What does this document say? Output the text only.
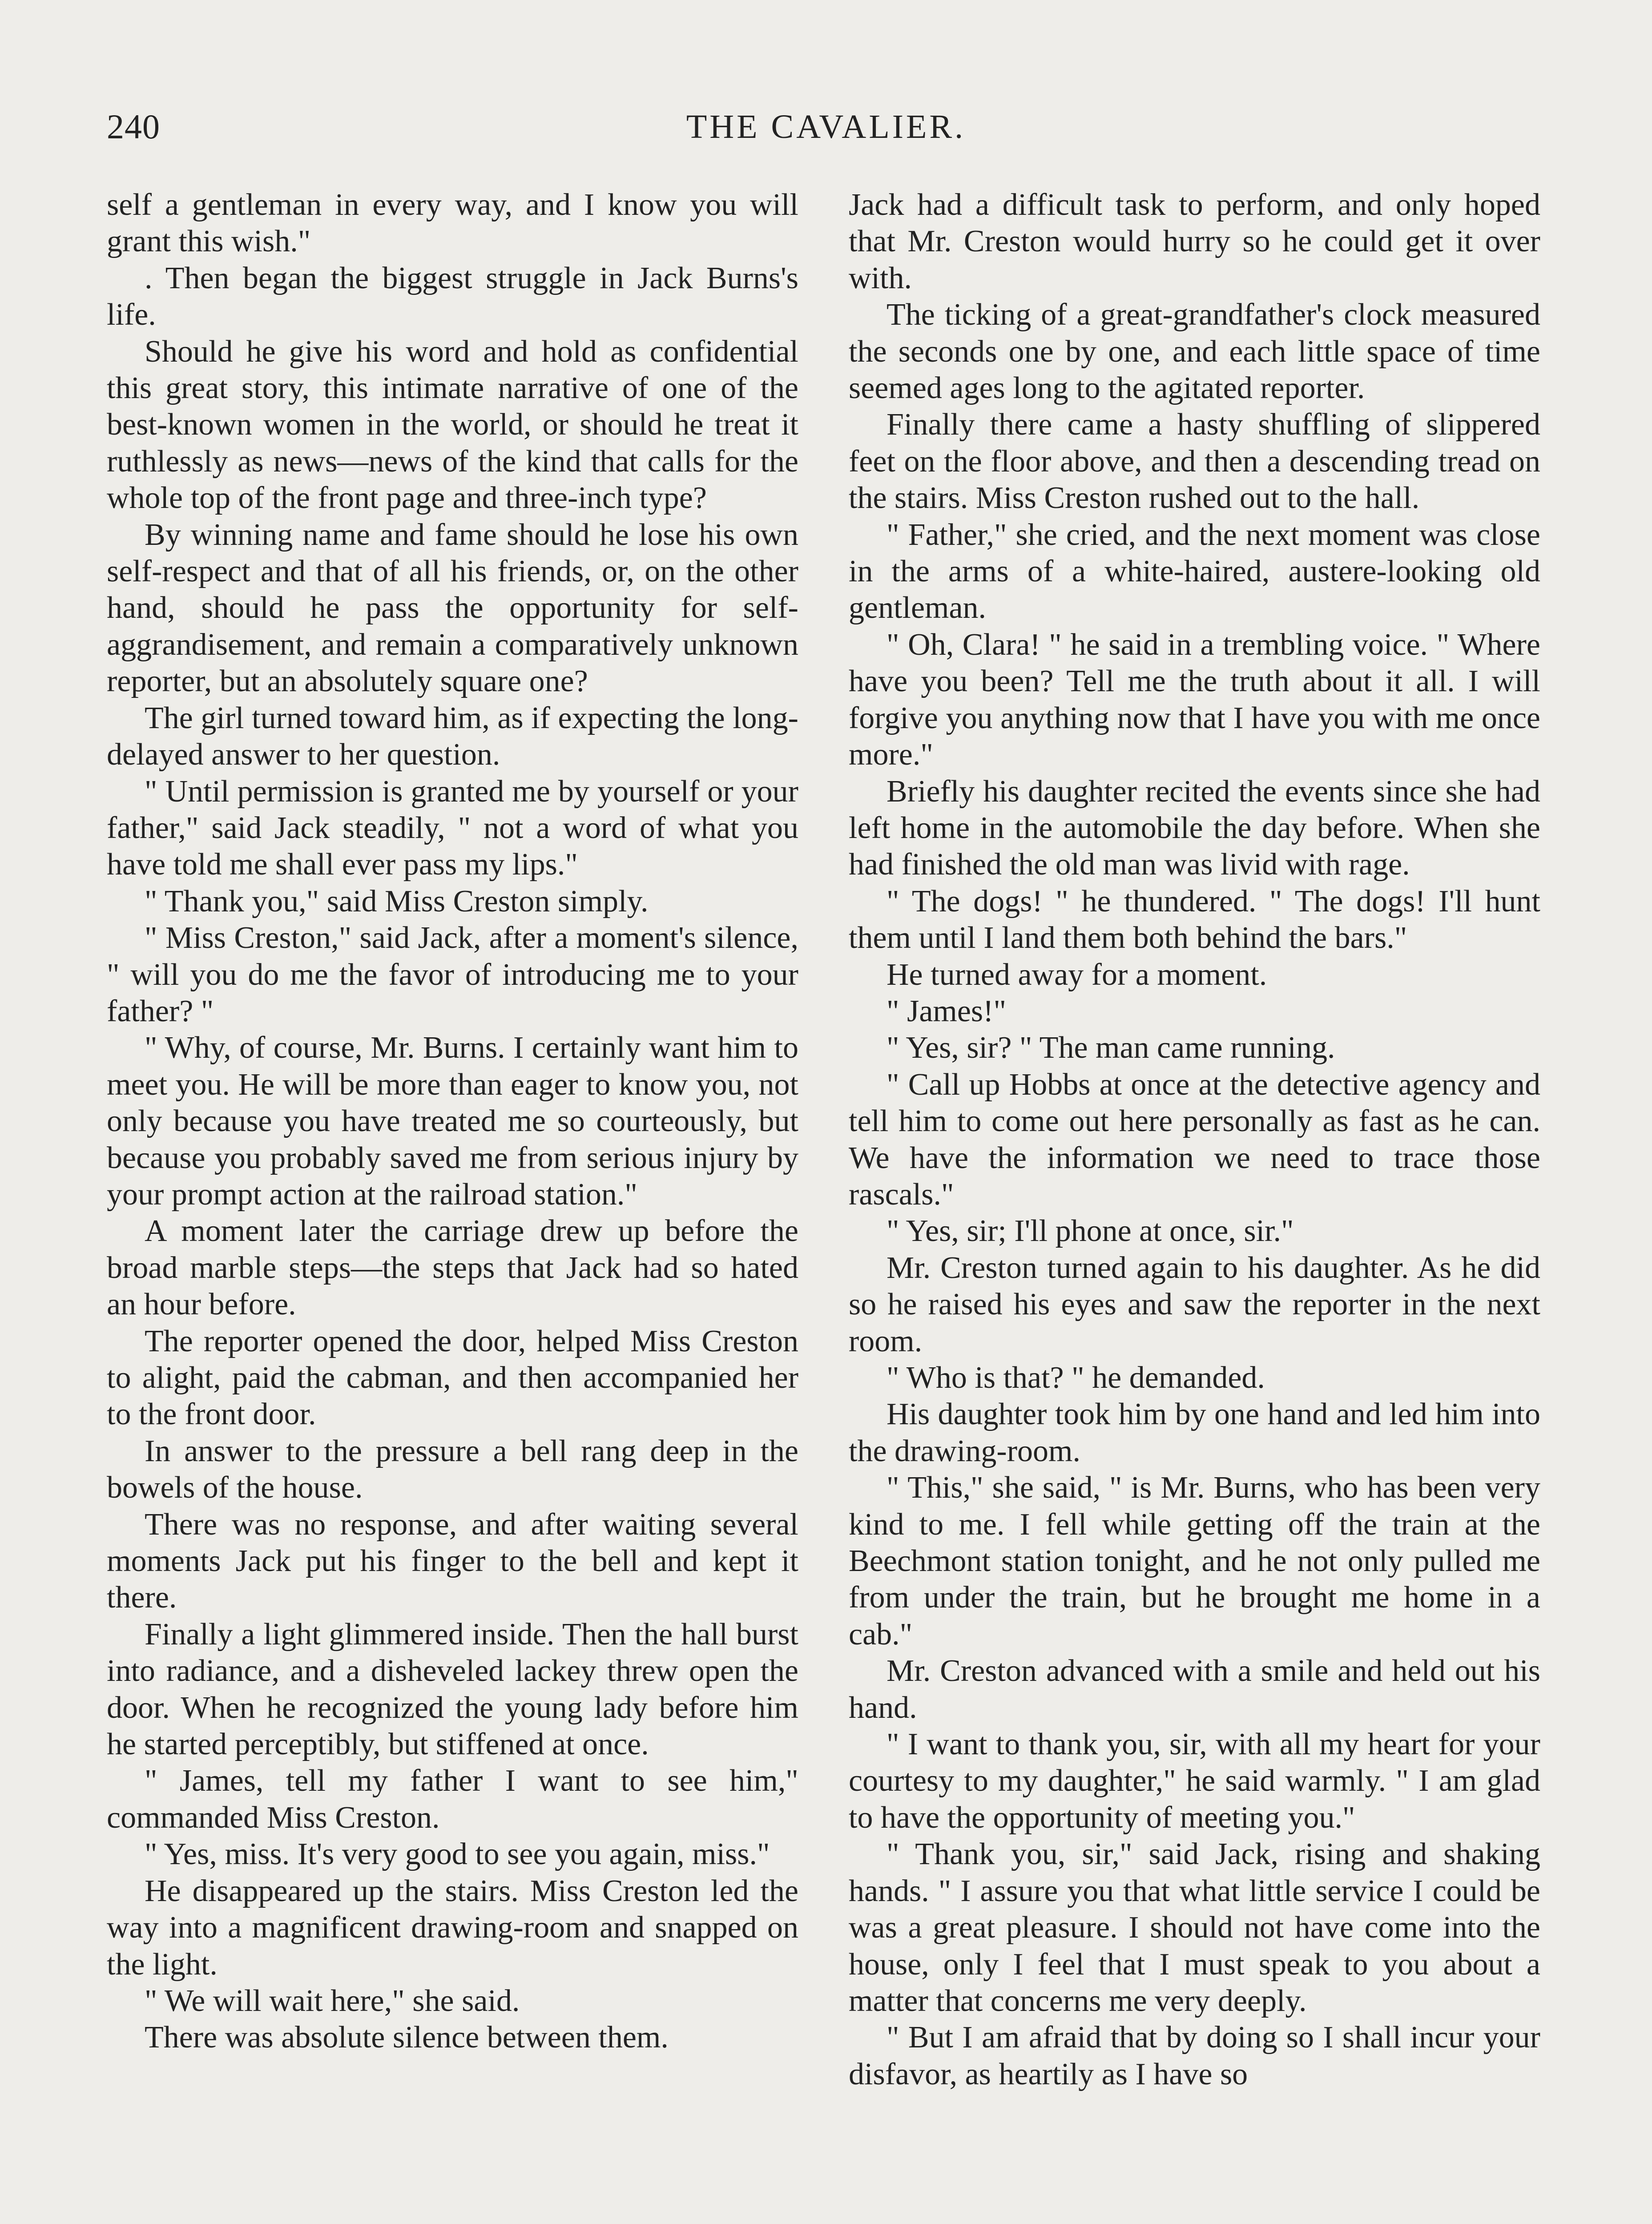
240	THE CAVALIER.

self a gentleman in every way, and I know you will grant this wish."

. Then began the biggest struggle in Jack Burns's life.

Should he give his word and hold as confidential this great story, this intimate narrative of one of the best-known women in the world, or should he treat it ruthlessly as news—news of the kind that calls for the whole top of the front page and three-inch type?

By winning name and fame should he lose his own self-respect and that of all his friends, or, on the other hand, should he pass the opportunity for self-aggrandisement, and remain a comparatively unknown reporter, but an absolutely square one?

The girl turned toward him, as if expecting the long-delayed answer to her question.

" Until permission is granted me by yourself or your father," said Jack steadily, " not a word of what you have told me shall ever pass my lips."

" Thank you," said Miss Creston simply.

" Miss Creston," said Jack, after a moment's silence, " will you do me the favor of introducing me to your father? "

" Why, of course, Mr. Burns. I certainly want him to meet you. He will be more than eager to know you, not only because you have treated me so courteously, but because you probably saved me from serious injury by your prompt action at the railroad station."

A moment later the carriage drew up before the broad marble steps—the steps that Jack had so hated an hour before.

The reporter opened the door, helped Miss Creston to alight, paid the cabman, and then accompanied her to the front door.

In answer to the pressure a bell rang deep in the bowels of the house.

There was no response, and after waiting several moments Jack put his finger to the bell and kept it there.

Finally a light glimmered inside. Then the hall burst into radiance, and a disheveled lackey threw open the door. When he recognized the young lady before him he started perceptibly, but stiffened at once.

" James, tell my father I want to see him," commanded Miss Creston.

" Yes, miss. It's very good to see you again, miss."

He disappeared up the stairs. Miss Creston led the way into a magnificent drawing-room and snapped on the light.

" We will wait here," she said.

There was absolute silence between them.

Jack had a difficult task to perform, and only hoped that Mr. Creston would hurry so he could get it over with.

The ticking of a great-grandfather's clock measured the seconds one by one, and each little space of time seemed ages long to the agitated reporter.

Finally there came a hasty shuffling of slippered feet on the floor above, and then a descending tread on the stairs. Miss Creston rushed out to the hall.

" Father," she cried, and the next moment was close in the arms of a white-haired, austere-looking old gentleman.

" Oh, Clara! " he said in a trembling voice. " Where have you been? Tell me the truth about it all. I will forgive you anything now that I have you with me once more."

Briefly his daughter recited the events since she had left home in the automobile the day before. When she had finished the old man was livid with rage.

" The dogs! " he thundered. " The dogs! I'll hunt them until I land them both behind the bars."

He turned away for a moment.

" James!"

" Yes, sir? " The man came running.

" Call up Hobbs at once at the detective agency and tell him to come out here personally as fast as he can. We have the information we need to trace those rascals."

" Yes, sir; I'll phone at once, sir."

Mr. Creston turned again to his daughter. As he did so he raised his eyes and saw the reporter in the next room.

" Who is that? " he demanded.

His daughter took him by one hand and led him into the drawing-room.

" This," she said, " is Mr. Burns, who has been very kind to me. I fell while getting off the train at the Beechmont station tonight, and he not only pulled me from under the train, but he brought me home in a cab."

Mr. Creston advanced with a smile and held out his hand.

" I want to thank you, sir, with all my heart for your courtesy to my daughter," he said warmly. " I am glad to have the opportunity of meeting you."

" Thank you, sir," said Jack, rising and shaking hands. " I assure you that what little service I could be was a great pleasure. I should not have come into the house, only I feel that I must speak to you about a matter that concerns me very deeply.

" But I am afraid that by doing so I shall incur your disfavor, as heartily as I have so
